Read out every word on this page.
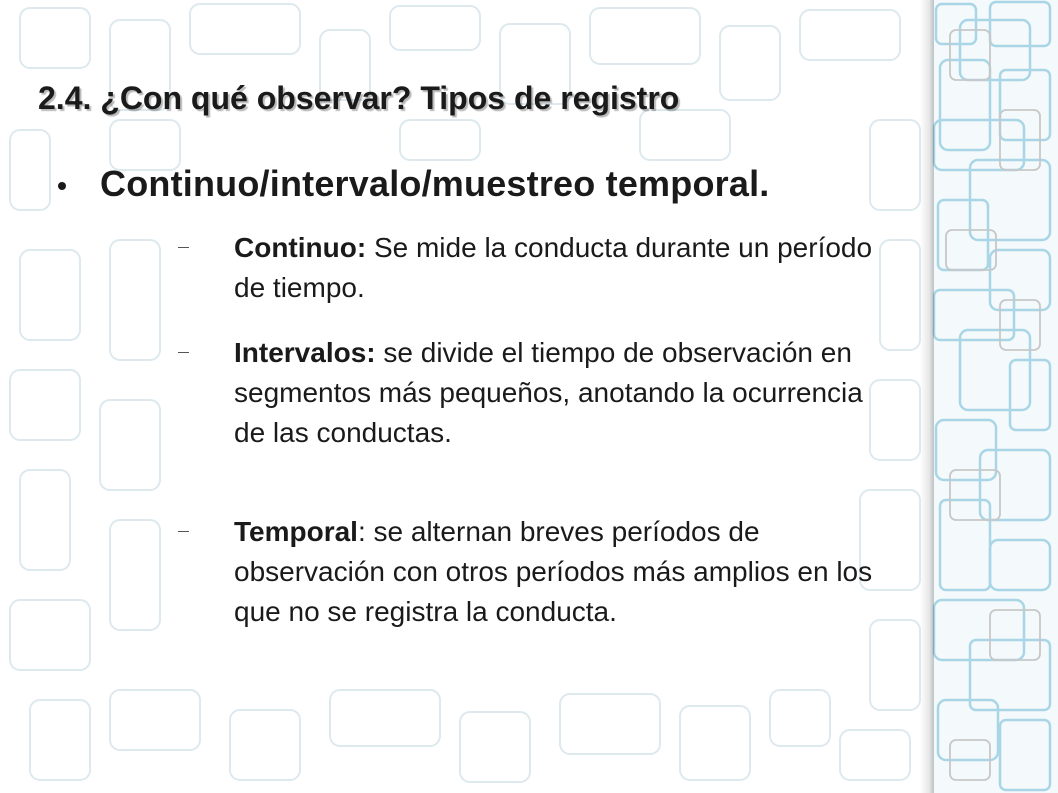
2.4. ¿Con qué observar? Tipos de registro
Continuo/intervalo/muestreo temporal.
Continuo: Se mide la conducta durante un período de tiempo.
Intervalos: se divide el tiempo de observación en segmentos más pequeños, anotando la ocurrencia de las conductas.
Temporal: se alternan breves períodos de observación con otros períodos más amplios en los que no se registra la conducta.
